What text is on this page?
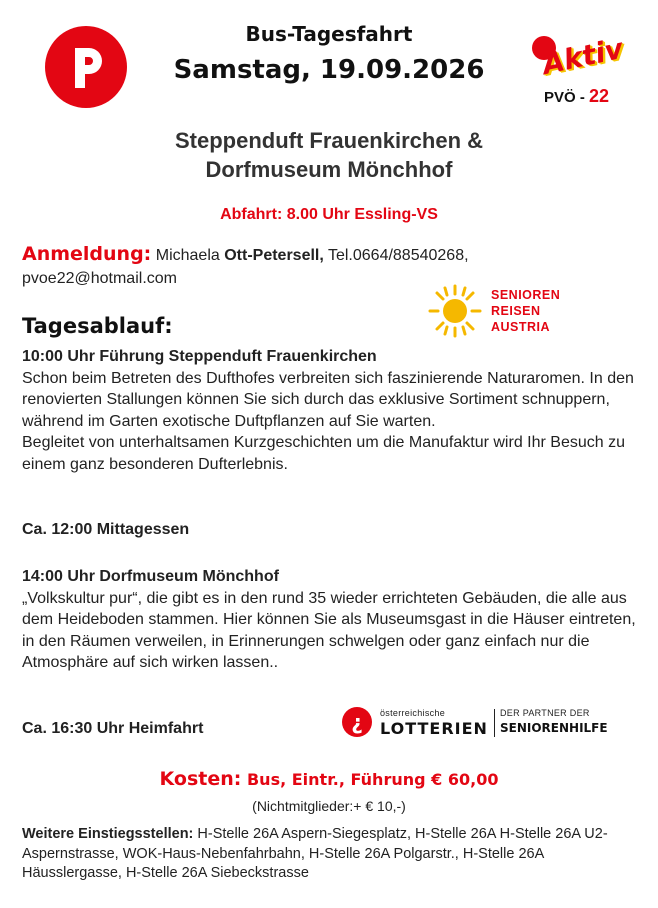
Bus-Tagesfahrt
Samstag, 19.09.2026	Aktiv
PVÖ - 22
Steppenduft Frauenkirchen &
Dorfmuseum Mönchhof
Abfahrt: 8.00 Uhr Essling-VS
Anmeldung: Michaela Ott-Petersell, Tel.0664/88540268,
pvoe22@hotmail.com
SENIOREN
REISEN
AUSTRIA
Tagesablauf:
10:00 Uhr Führung Steppenduft Frauenkirchen
Schon beim Betreten des Dufthofes verbreiten sich faszinierende Naturaromen. In den renovierten Stallungen können Sie sich durch das exklusive Sortiment schnuppern, während im Garten exotische Duftpflanzen auf Sie warten.
Begleitet von unterhaltsamen Kurzgeschichten um die Manufaktur wird Ihr Besuch zu einem ganz besonderen Dufterlebnis.
Ca. 12:00 Mittagessen
14:00 Uhr Dorfmuseum Mönchhof
„Volkskultur pur“, die gibt es in den rund 35 wieder errichteten Gebäuden, die alle aus dem Heideboden stammen. Hier können Sie als Museumsgast in die Häuser eintreten, in den Räumen verweilen, in Erinnerungen schwelgen oder ganz einfach nur die Atmosphäre auf sich wirken lassen..
Ca. 16:30 Uhr Heimfahrt	¿	österreichische
LOTTERIEN
DER PARTNER DER
SENIORENHILFE
Kosten: Bus, Eintr., Führung € 60,00
(Nichtmitglieder:+ € 10,-)
Weitere Einstiegsstellen: H-Stelle 26A Aspern-Siegesplatz, H-Stelle 26A H-Stelle 26A U2-Aspernstrasse, WOK-Haus-Nebenfahrbahn, H-Stelle 26A Polgarstr., H-Stelle 26A Häusslergasse, H-Stelle 26A Siebeckstrasse
